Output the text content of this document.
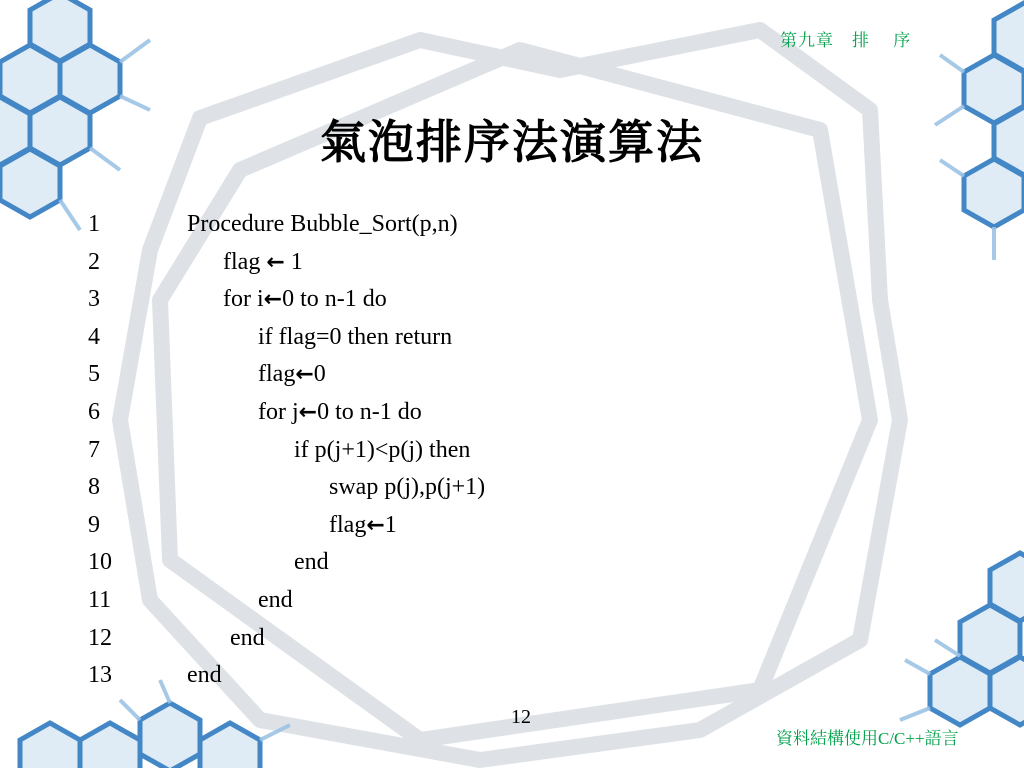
第九章　排　 序
氣泡排序法演算法
1	Procedure Bubble_Sort(p,n)
2	flag ← 1
3	for i←0 to n-1 do
4	if flag=0 then return
5	flag←0
6	for j←0 to n-1 do
7	if p(j+1)<p(j) then
8	swap p(j),p(j+1)
9	flag←1
10	end
11	end
12	end
13	end
12
資料結構使用C/C++語言
